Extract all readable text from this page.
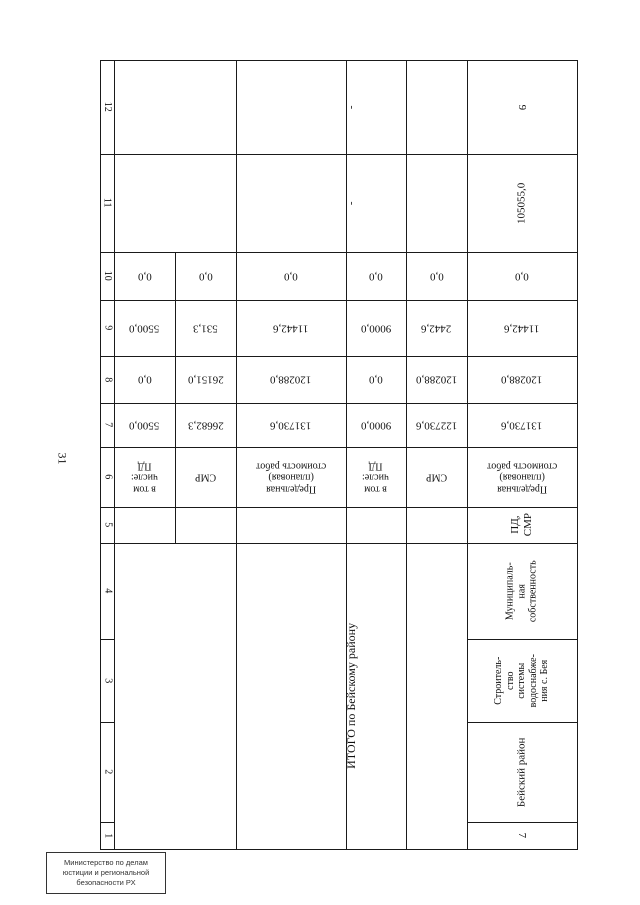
31
12
11
10
9
8
7
6
5
4
3
2
1
в том
числе:
ПД
5500,0
0,0
5500,0
0,0
СМР
26682,3
26151,0
531,3
0,0
-
-
ИТОГО по Бейскому району
Предельная
(плановая)
стоимость работ
131730,6
120288,0
11442,6
0,0
в том
числе:
ПД
9000,0
0,0
9000,0
0,0
СМР
122730,6
120288,0
2442,6
0,0
9
105055,0
0,0
11442,6
120288,0
131730,6
Предельная
(плановая)
стоимость работ
ПД,
СМР
Муниципаль-
ная
собственность
Строитель-
ство
системы
водоснабже-
ния с. Бея
Бейский район
7
Министерство по делам
юстиции и региональной
безопасности РХ
